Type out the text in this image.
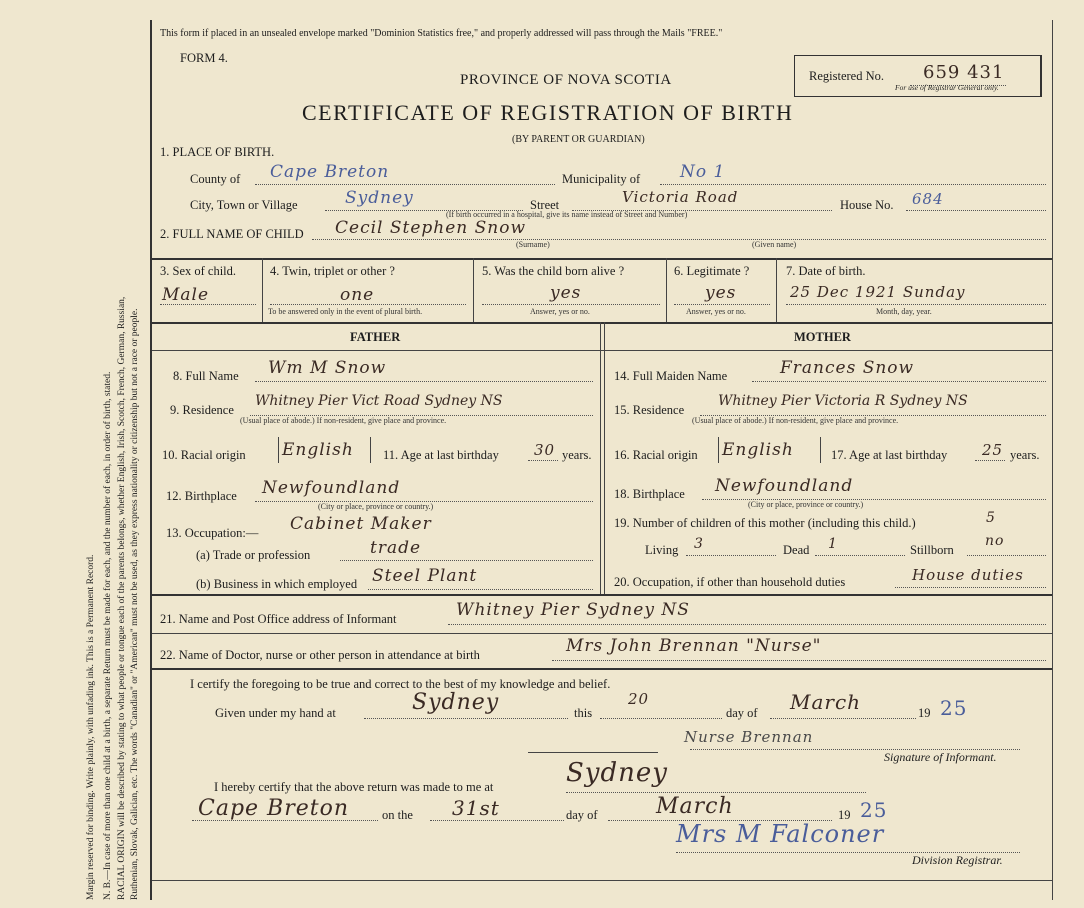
Margin reserved for binding. Write plainly, with unfading ink. This is a Permanent Record. N. B.—In case of more than one child at a birth, a separate Return must be made for each, and the number of each, in order of birth, stated. RACIAL ORIGIN will be described by stating to what people or tongue each of the parents belongs, whether English, Irish, Scotch, French, German, Russian, Ruthenian, Slovak, Galician, etc. The words "Canadian" or "American" must not be used, as they express nationality or citizenship but not a race or people.
This form if placed in an unsealed envelope marked "Dominion Statistics free," and properly addressed will pass through the Mails "FREE."
FORM 4.
PROVINCE OF NOVA SCOTIA
CERTIFICATE OF REGISTRATION OF BIRTH
(BY PARENT OR GUARDIAN)
Registered No. 659 431
For use of Registrar General only.
1. PLACE OF BIRTH.
County of Cape Breton	Municipality of No 1
City, Town or Village	Sydney	Street	Victoria Road	House No. 684
(If birth occurred in a hospital, give its name instead of Street and Number)
2. FULL NAME OF CHILD Cecil Stephen Snow
(Surname)	(Given name)
3. Sex of child.
Male
4. Twin, triplet or other ?
one
To be answered only in the event of plural birth.
5. Was the child born alive ?
yes
Answer, yes or no.
6. Legitimate ?
yes
Answer, yes or no.
7. Date of birth.
25 Dec 1921 Sunday
Month, day, year.
FATHER	MOTHER
8. Full Name Wm M Snow
9. Residence
Whitney Pier Vict Road Sydney NS
(Usual place of abode.) If non-resident, give place and province.
10. Racial origin English 11. Age at last birthday 30 years.
12. Birthplace Newfoundland
(City or place, province or country.)
13. Occupation:— Cabinet Maker
(a) Trade or profession	trade
(b) Business in which employed Steel Plant
14. Full Maiden Name	Frances Snow
15. Residence
Whitney Pier Victoria R Sydney NS
(Usual place of abode.) If non-resident, give place and province.
16. Racial origin English	17. Age at last birthday 25 years.
18. Birthplace Newfoundland
(City or place, province or country.)
19. Number of children of this mother (including this child.)	5
Living 3	Dead 1	Stillborn
no
20. Occupation, if other than household duties	House duties
21. Name and Post Office address of Informant	Whitney Pier Sydney NS
22. Name of Doctor, nurse or other person in attendance at birth	Mrs John Brennan "Nurse"
I certify the foregoing to be true and correct to the best of my knowledge and belief.
Given under my hand at	Sydney	this
20
day of March	19 25
Nurse Brennan
Signature of Informant.
I hereby certify that the above return was made to me at	Sydney
Cape Breton	on the 31st	day of	March	19 25
Mrs M Falconer
Division Registrar.
